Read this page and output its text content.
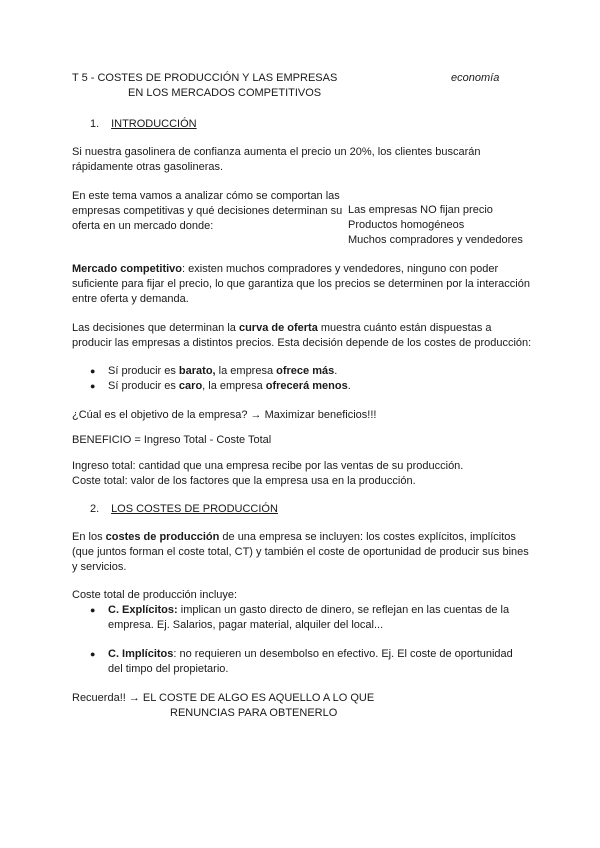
T 5 - COSTES DE PRODUCCIÓN Y LAS EMPRESAS
EN LOS MERCADOS COMPETITIVOS
economía
1. INTRODUCCIÓN
Si nuestra gasolinera de confianza aumenta el precio un 20%, los clientes buscarán rápidamente otras gasolineras.
En este tema vamos a analizar cómo se comportan las empresas competitivas y qué decisiones determinan su oferta en un mercado donde:
Las empresas NO fijan precio
Productos homogéneos
Muchos compradores y vendedores
Mercado competitivo: existen muchos compradores y vendedores, ninguno con poder suficiente para fijar el precio, lo que garantiza que los precios se determinen por la interacción entre oferta y demanda.
Las decisiones que determinan la curva de oferta muestra cuánto están dispuestas a producir las empresas a distintos precios. Esta decisión depende de los costes de producción:
● Sí producir es barato, la empresa ofrece más.
● Sí producir es caro, la empresa ofrecerá menos.
¿Cúal es el objetivo de la empresa? → Maximizar beneficios!!!
BENEFICIO = Ingreso Total - Coste Total
Ingreso total: cantidad que una empresa recibe por las ventas de su producción.
Coste total: valor de los factores que la empresa usa en la producción.
2. LOS COSTES DE PRODUCCIÓN
En los costes de producción de una empresa se incluyen: los costes explícitos, implícitos (que juntos forman el coste total, CT) y también el coste de oportunidad de producir sus bines y servicios.
Coste total de producción incluye:
● C. Explícitos: implican un gasto directo de dinero, se reflejan en las cuentas de la empresa. Ej. Salarios, pagar material, alquiler del local...
● C. Implícitos: no requieren un desembolso en efectivo. Ej. El coste de oportunidad del timpo del propietario.
Recuerda!! → EL COSTE DE ALGO ES AQUELLO A LO QUE
RENUNCIAS PARA OBTENERLO
